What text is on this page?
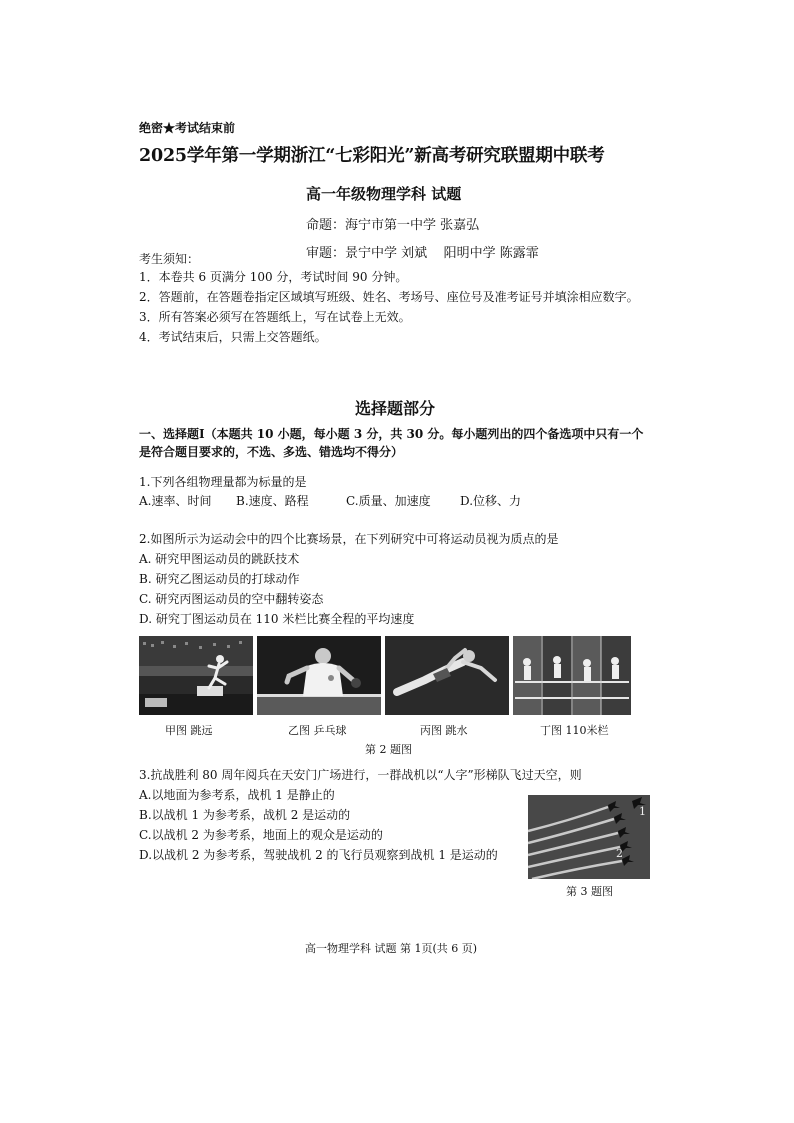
绝密★考试结束前
2025学年第一学期浙江“七彩阳光”新高考研究联盟期中联考
高一年级物理学科 试题
命题：海宁市第一中学 张嘉弘
审题：景宁中学 刘斌    阳明中学 陈露霏
考生须知：
1．本卷共 6 页满分 100 分，考试时间 90 分钟。
2．答题前，在答题卷指定区域填写班级、姓名、考场号、座位号及准考证号并填涂相应数字。
3．所有答案必须写在答题纸上，写在试卷上无效。
4．考试结束后，只需上交答题纸。
选择题部分
一、选择题Ⅰ（本题共 10 小题，每小题 3 分，共 30 分。每小题列出的四个备选项中只有一个
是符合题目要求的，不选、多选、错选均不得分）
1.下列各组物理量都为标量的是
A.速率、时间 B.速度、路程	C.质量、加速度 D.位移、力
2.如图所示为运动会中的四个比赛场景，在下列研究中可将运动员视为质点的是
A. 研究甲图运动员的跳跃技术
B. 研究乙图运动员的打球动作
C. 研究丙图运动员的空中翻转姿态
D. 研究丁图运动员在 110 米栏比赛全程的平均速度
甲图 跳远	乙图 乒乓球	丙图 跳水	丁图 110米栏
第 2 题图
3.抗战胜利 80 周年阅兵在天安门广场进行，一群战机以“人字”形梯队飞过天空，则
A.以地面为参考系，战机 1 是静止的
B.以战机 1 为参考系，战机 2 是运动的
C.以战机 2 为参考系，地面上的观众是运动的
D.以战机 2 为参考系，驾驶战机 2 的飞行员观察到战机 1 是运动的
1
2
第 3 题图
高一物理学科 试题 第 1页(共 6 页)
